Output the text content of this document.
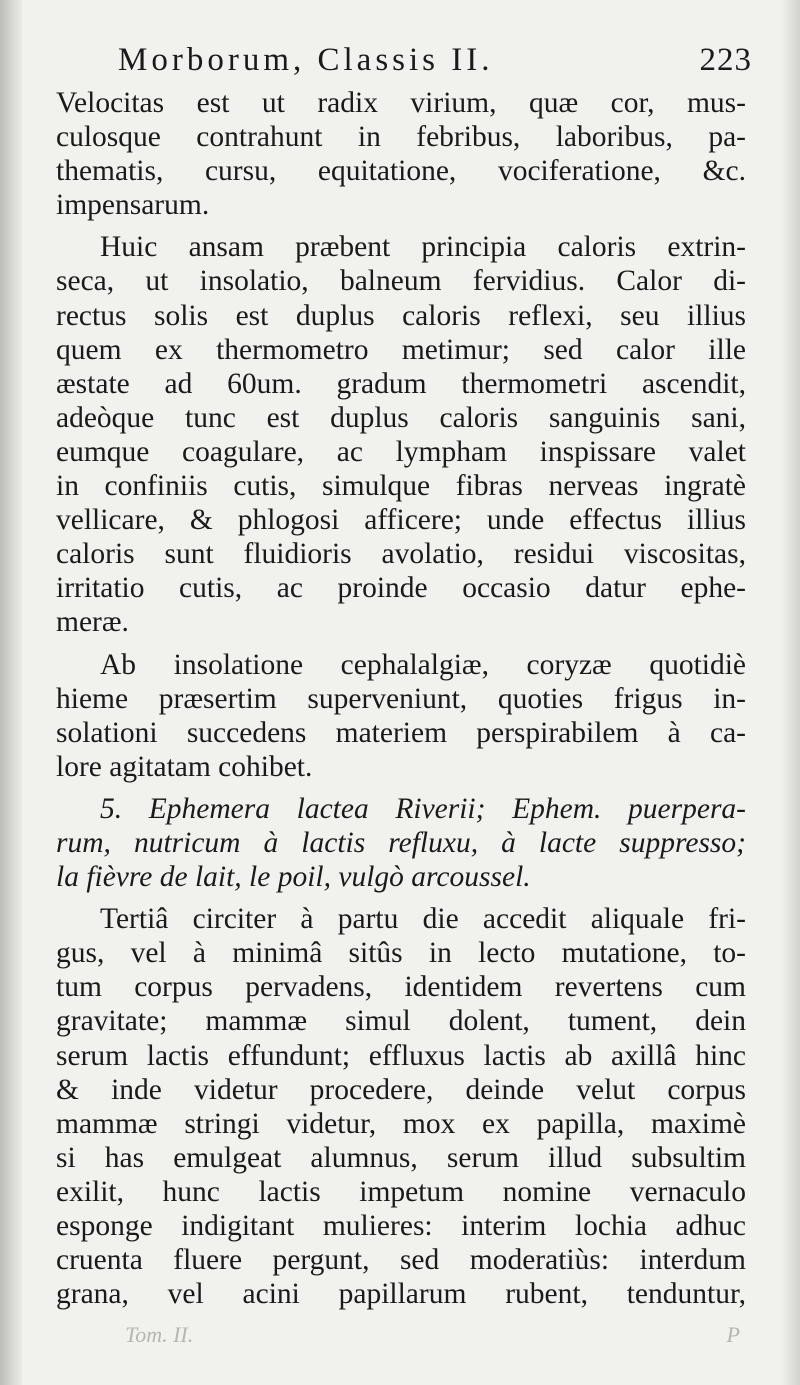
Morborum, Classis II.	223
Velocitas est ut radix virium, quæ cor, mus-
culosque contrahunt in febribus, laboribus, pa-
thematis, cursu, equitatione, vociferatione, &c.
impensarum.
Huic ansam præbent principia caloris extrin-
seca, ut insolatio, balneum fervidius. Calor di-
rectus solis est duplus caloris reflexi, seu illius
quem ex thermometro metimur; sed calor ille
æstate ad 60um. gradum thermometri ascendit,
adeòque tunc est duplus caloris sanguinis sani,
eumque coagulare, ac lympham inspissare valet
in confiniis cutis, simulque fibras nerveas ingratè
vellicare, & phlogosi afficere; unde effectus illius
caloris sunt fluidioris avolatio, residui viscositas,
irritatio cutis, ac proinde occasio datur ephe-
meræ.
Ab insolatione cephalalgiæ, coryzæ quotidiè
hieme præsertim superveniunt, quoties frigus in-
solationi succedens materiem perspirabilem à ca-
lore agitatam cohibet.
5. Ephemera lactea Riverii; Ephem. puerpera-
rum, nutricum à lactis refluxu, à lacte suppresso;
la fièvre de lait, le poil, vulgò arcoussel.
Tertiâ circiter à partu die accedit aliquale fri-
gus, vel à minimâ sitûs in lecto mutatione, to-
tum corpus pervadens, identidem revertens cum
gravitate; mammæ simul dolent, tument, dein
serum lactis effundunt; effluxus lactis ab axillâ hinc
& inde videtur procedere, deinde velut corpus
mammæ stringi videtur, mox ex papilla, maximè
si has emulgeat alumnus, serum illud subsultim
exilit, hunc lactis impetum nomine vernaculo
esponge indigitant mulieres: interim lochia adhuc
cruenta fluere pergunt, sed moderatiùs: interdum
grana, vel acini papillarum rubent, tenduntur,
Tom. II.	P
